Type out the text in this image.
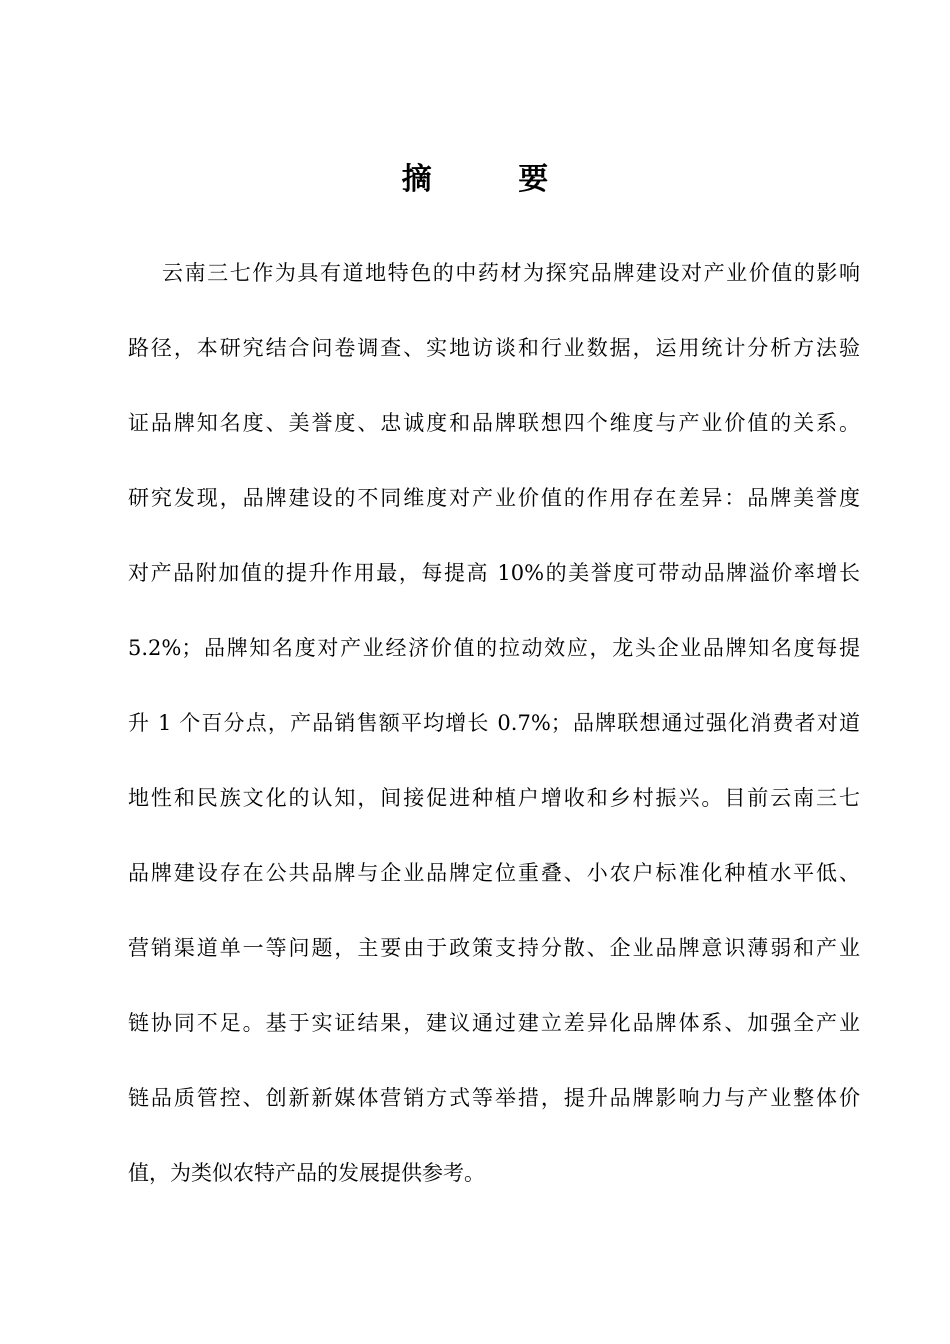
摘 要
云南三七作为具有道地特色的中药材为探究品牌建设对产业价值的影响
路径，本研究结合问卷调查、实地访谈和行业数据，运用统计分析方法验
证品牌知名度、美誉度、忠诚度和品牌联想四个维度与产业价值的关系。
研究发现，品牌建设的不同维度对产业价值的作用存在差异：品牌美誉度
对产品附加值的提升作用最，每提高 10%的美誉度可带动品牌溢价率增长
5.2%；品牌知名度对产业经济价值的拉动效应，龙头企业品牌知名度每提
升 1 个百分点，产品销售额平均增长 0.7%；品牌联想通过强化消费者对道
地性和民族文化的认知，间接促进种植户增收和乡村振兴。目前云南三七
品牌建设存在公共品牌与企业品牌定位重叠、小农户标准化种植水平低、
营销渠道单一等问题，主要由于政策支持分散、企业品牌意识薄弱和产业
链协同不足。基于实证结果，建议通过建立差异化品牌体系、加强全产业
链品质管控、创新新媒体营销方式等举措，提升品牌影响力与产业整体价
值，为类似农特产品的发展提供参考。
